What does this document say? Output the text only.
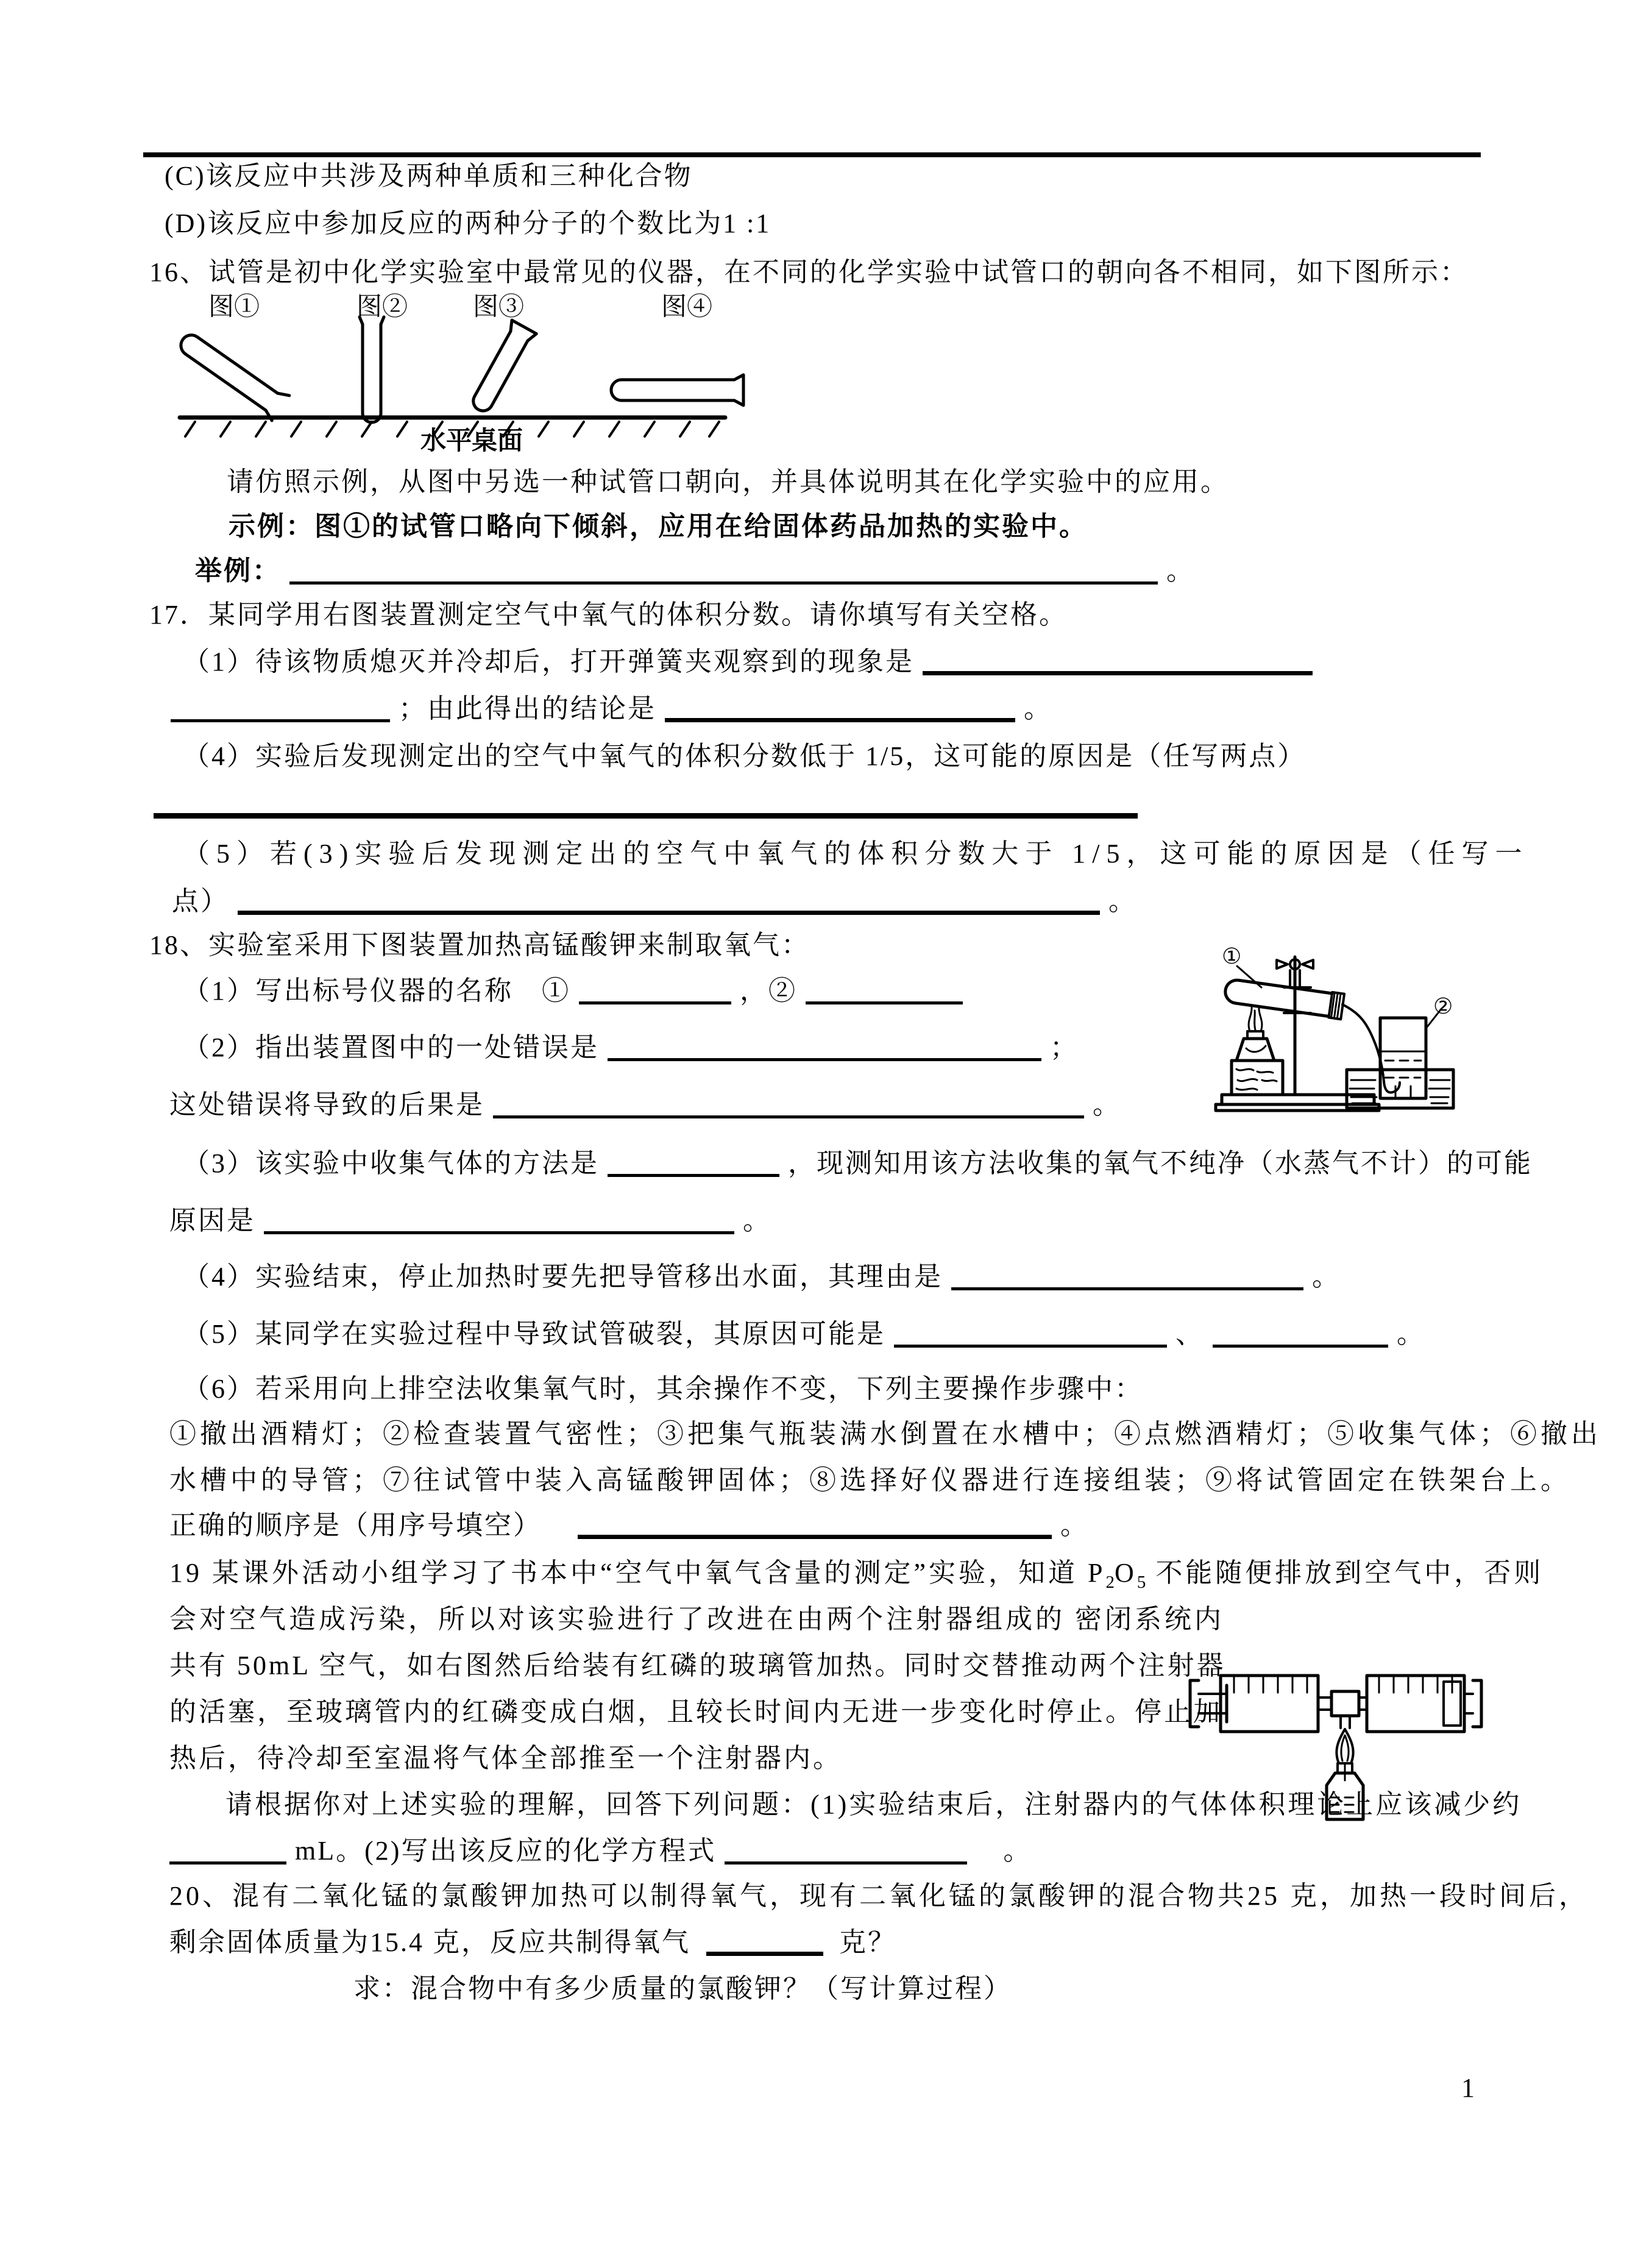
(C)该反应中共涉及两种单质和三种化合物
(D)该反应中参加反应的两种分子的个数比为1 :1
16、试管是初中化学实验室中最常见的仪器，在不同的化学实验中试管口的朝向各不相同，如下图所示：
图①	图②	图③	图④
水平桌面
请仿照示例，从图中另选一种试管口朝向，并具体说明其在化学实验中的应用。
示例：图①的试管口略向下倾斜，应用在给固体药品加热的实验中。
举例：	。
17．某同学用右图装置测定空气中氧气的体积分数。请你填写有关空格。
（1）待该物质熄灭并冷却后，打开弹簧夹观察到的现象是
；由此得出的结论是	。
（4）实验后发现测定出的空气中氧气的体积分数低于 1/5，这可能的原因是（任写两点）
（5）若(3)实验后发现测定出的空气中氧气的体积分数大于 1/5，这可能的原因是（任写一
点）	。
18、实验室采用下图装置加热高锰酸钾来制取氧气：
（1）写出标号仪器的名称　①	，②
（2）指出装置图中的一处错误是	；
这处错误将导致的后果是	。
（3）该实验中收集气体的方法是	，现测知用该方法收集的氧气不纯净（水蒸气不计）的可能
原因是	。
（4）实验结束，停止加热时要先把导管移出水面，其理由是	。
（5）某同学在实验过程中导致试管破裂，其原因可能是	、	。
（6）若采用向上排空法收集氧气时，其余操作不变，下列主要操作步骤中：
①撤出酒精灯；②检查装置气密性；③把集气瓶装满水倒置在水槽中；④点燃酒精灯；⑤收集气体；⑥撤出
水槽中的导管；⑦往试管中装入高锰酸钾固体；⑧选择好仪器进行连接组装；⑨将试管固定在铁架台上。
正确的顺序是（用序号填空）	。
①
②
19 某课外活动小组学习了书本中“空气中氧气含量的测定”实验，知道 $P_2O_5$ 不能随便排放到空气中，否则
会对空气造成污染，所以对该实验进行了改进在由两个注射器组成的 密闭系统内
共有 50mL 空气，如右图然后给装有红磷的玻璃管加热。同时交替推动两个注射器
的活塞，至玻璃管内的红磷变成白烟，且较长时间内无进一步变化时停止。停止加
热后，待冷却至室温将气体全部推至一个注射器内。
请根据你对上述实验的理解，回答下列问题：(1)实验结束后，注射器内的气体体积理论上应该减少约
mL。(2)写出该反应的化学方程式	。
20、混有二氧化锰的氯酸钾加热可以制得氧气，现有二氧化锰的氯酸钾的混合物共25 克，加热一段时间后，
剩余固体质量为15.4 克，反应共制得氧气	克？
求：混合物中有多少质量的氯酸钾？（写计算过程）
1
